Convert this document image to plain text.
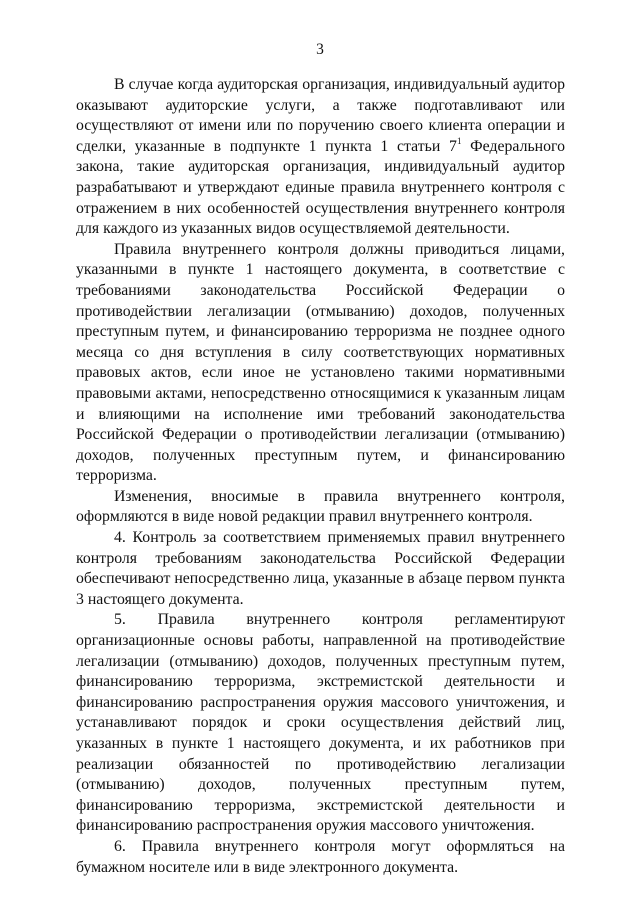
3

В случае когда аудиторская организация, индивидуальный аудитор оказывают аудиторские услуги, а также подготавливают или осуществляют от имени или по поручению своего клиента операции и сделки, указанные в подпункте 1 пункта 1 статьи $7^1$ Федерального закона, такие аудиторская организация, индивидуальный аудитор разрабатывают и утверждают единые правила внутреннего контроля с отражением в них особенностей осуществления внутреннего контроля для каждого из указанных видов осуществляемой деятельности.

Правила внутреннего контроля должны приводиться лицами, указанными в пункте 1 настоящего документа, в соответствие с требованиями законодательства Российской Федерации о противодействии легализации (отмыванию) доходов, полученных преступным путем, и финансированию терроризма не позднее одного месяца со дня вступления в силу соответствующих нормативных правовых актов, если иное не установлено такими нормативными правовыми актами, непосредственно относящимися к указанным лицам и влияющими на исполнение ими требований законодательства Российской Федерации о противодействии легализации (отмыванию) доходов, полученных преступным путем, и финансированию терроризма.

Изменения, вносимые в правила внутреннего контроля, оформляются в виде новой редакции правил внутреннего контроля.

4. Контроль за соответствием применяемых правил внутреннего контроля требованиям законодательства Российской Федерации обеспечивают непосредственно лица, указанные в абзаце первом пункта 3 настоящего документа.

5. Правила внутреннего контроля регламентируют организационные основы работы, направленной на противодействие легализации (отмыванию) доходов, полученных преступным путем, финансированию терроризма, экстремистской деятельности и финансированию распространения оружия массового уничтожения, и устанавливают порядок и сроки осуществления действий лиц, указанных в пункте 1 настоящего документа, и их работников при реализации обязанностей по противодействию легализации (отмыванию) доходов, полученных преступным путем, финансированию терроризма, экстремистской деятельности и финансированию распространения оружия массового уничтожения.

6. Правила внутреннего контроля могут оформляться на бумажном носителе или в виде электронного документа.
